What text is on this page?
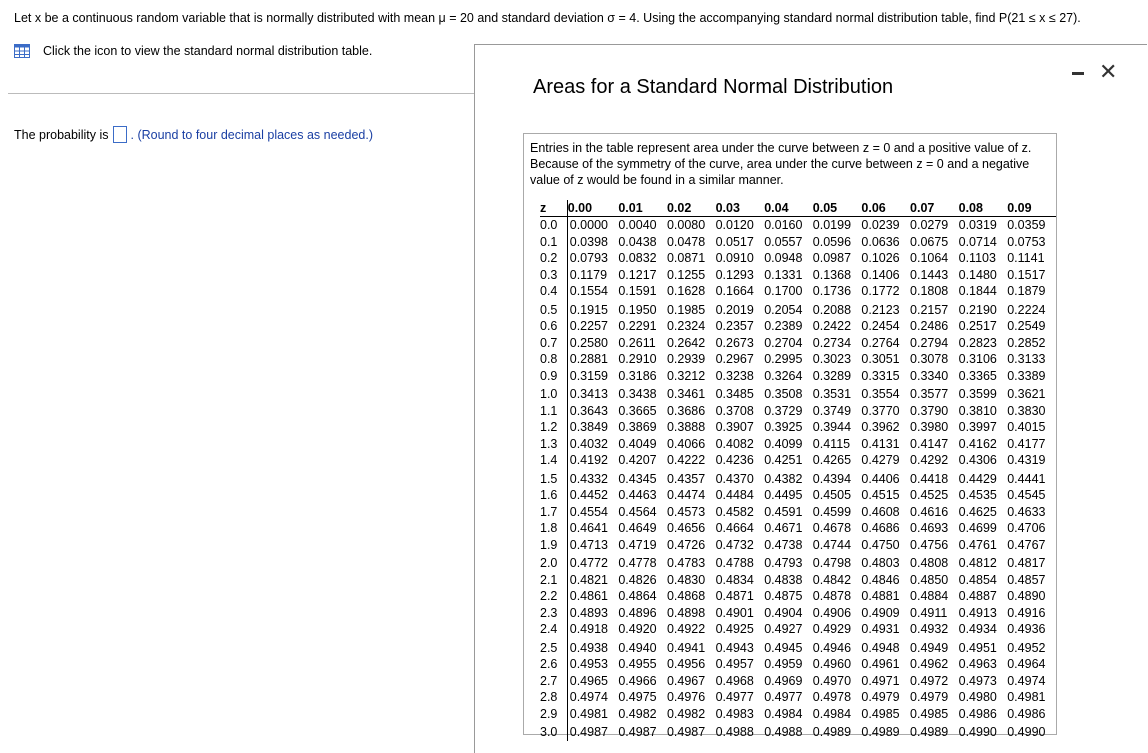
Let x be a continuous random variable that is normally distributed with mean μ = 20 and standard deviation σ = 4. Using the accompanying standard normal distribution table, find P(21 ≤ x ≤ 27).
Click the icon to view the standard normal distribution table.
The probability is . (Round to four decimal places as needed.)
Areas for a Standard Normal Distribution
✕
Entries in the table represent area under the curve between z = 0 and a positive value of z. Because of the symmetry of the curve, area under the curve between z = 0 and a negative value of z would be found in a similar manner.
z	0.00	0.01	0.02	0.03	0.04	0.05	0.06	0.07	0.08	0.09
0.0	0.0000	0.0040	0.0080	0.0120	0.0160	0.0199	0.0239	0.0279	0.0319	0.0359
0.1	0.0398	0.0438	0.0478	0.0517	0.0557	0.0596	0.0636	0.0675	0.0714	0.0753
0.2	0.0793	0.0832	0.0871	0.0910	0.0948	0.0987	0.1026	0.1064	0.1103	0.1141
0.3	0.1179	0.1217	0.1255	0.1293	0.1331	0.1368	0.1406	0.1443	0.1480	0.1517
0.4	0.1554	0.1591	0.1628	0.1664	0.1700	0.1736	0.1772	0.1808	0.1844	0.1879
0.5	0.1915	0.1950	0.1985	0.2019	0.2054	0.2088	0.2123	0.2157	0.2190	0.2224
0.6	0.2257	0.2291	0.2324	0.2357	0.2389	0.2422	0.2454	0.2486	0.2517	0.2549
0.7	0.2580	0.2611	0.2642	0.2673	0.2704	0.2734	0.2764	0.2794	0.2823	0.2852
0.8	0.2881	0.2910	0.2939	0.2967	0.2995	0.3023	0.3051	0.3078	0.3106	0.3133
0.9	0.3159	0.3186	0.3212	0.3238	0.3264	0.3289	0.3315	0.3340	0.3365	0.3389
1.0	0.3413	0.3438	0.3461	0.3485	0.3508	0.3531	0.3554	0.3577	0.3599	0.3621
1.1	0.3643	0.3665	0.3686	0.3708	0.3729	0.3749	0.3770	0.3790	0.3810	0.3830
1.2	0.3849	0.3869	0.3888	0.3907	0.3925	0.3944	0.3962	0.3980	0.3997	0.4015
1.3	0.4032	0.4049	0.4066	0.4082	0.4099	0.4115	0.4131	0.4147	0.4162	0.4177
1.4	0.4192	0.4207	0.4222	0.4236	0.4251	0.4265	0.4279	0.4292	0.4306	0.4319
1.5	0.4332	0.4345	0.4357	0.4370	0.4382	0.4394	0.4406	0.4418	0.4429	0.4441
1.6	0.4452	0.4463	0.4474	0.4484	0.4495	0.4505	0.4515	0.4525	0.4535	0.4545
1.7	0.4554	0.4564	0.4573	0.4582	0.4591	0.4599	0.4608	0.4616	0.4625	0.4633
1.8	0.4641	0.4649	0.4656	0.4664	0.4671	0.4678	0.4686	0.4693	0.4699	0.4706
1.9	0.4713	0.4719	0.4726	0.4732	0.4738	0.4744	0.4750	0.4756	0.4761	0.4767
2.0	0.4772	0.4778	0.4783	0.4788	0.4793	0.4798	0.4803	0.4808	0.4812	0.4817
2.1	0.4821	0.4826	0.4830	0.4834	0.4838	0.4842	0.4846	0.4850	0.4854	0.4857
2.2	0.4861	0.4864	0.4868	0.4871	0.4875	0.4878	0.4881	0.4884	0.4887	0.4890
2.3	0.4893	0.4896	0.4898	0.4901	0.4904	0.4906	0.4909	0.4911	0.4913	0.4916
2.4	0.4918	0.4920	0.4922	0.4925	0.4927	0.4929	0.4931	0.4932	0.4934	0.4936
2.5	0.4938	0.4940	0.4941	0.4943	0.4945	0.4946	0.4948	0.4949	0.4951	0.4952
2.6	0.4953	0.4955	0.4956	0.4957	0.4959	0.4960	0.4961	0.4962	0.4963	0.4964
2.7	0.4965	0.4966	0.4967	0.4968	0.4969	0.4970	0.4971	0.4972	0.4973	0.4974
2.8	0.4974	0.4975	0.4976	0.4977	0.4977	0.4978	0.4979	0.4979	0.4980	0.4981
2.9	0.4981	0.4982	0.4982	0.4983	0.4984	0.4984	0.4985	0.4985	0.4986	0.4986
3.0	0.4987	0.4987	0.4987	0.4988	0.4988	0.4989	0.4989	0.4989	0.4990	0.4990
